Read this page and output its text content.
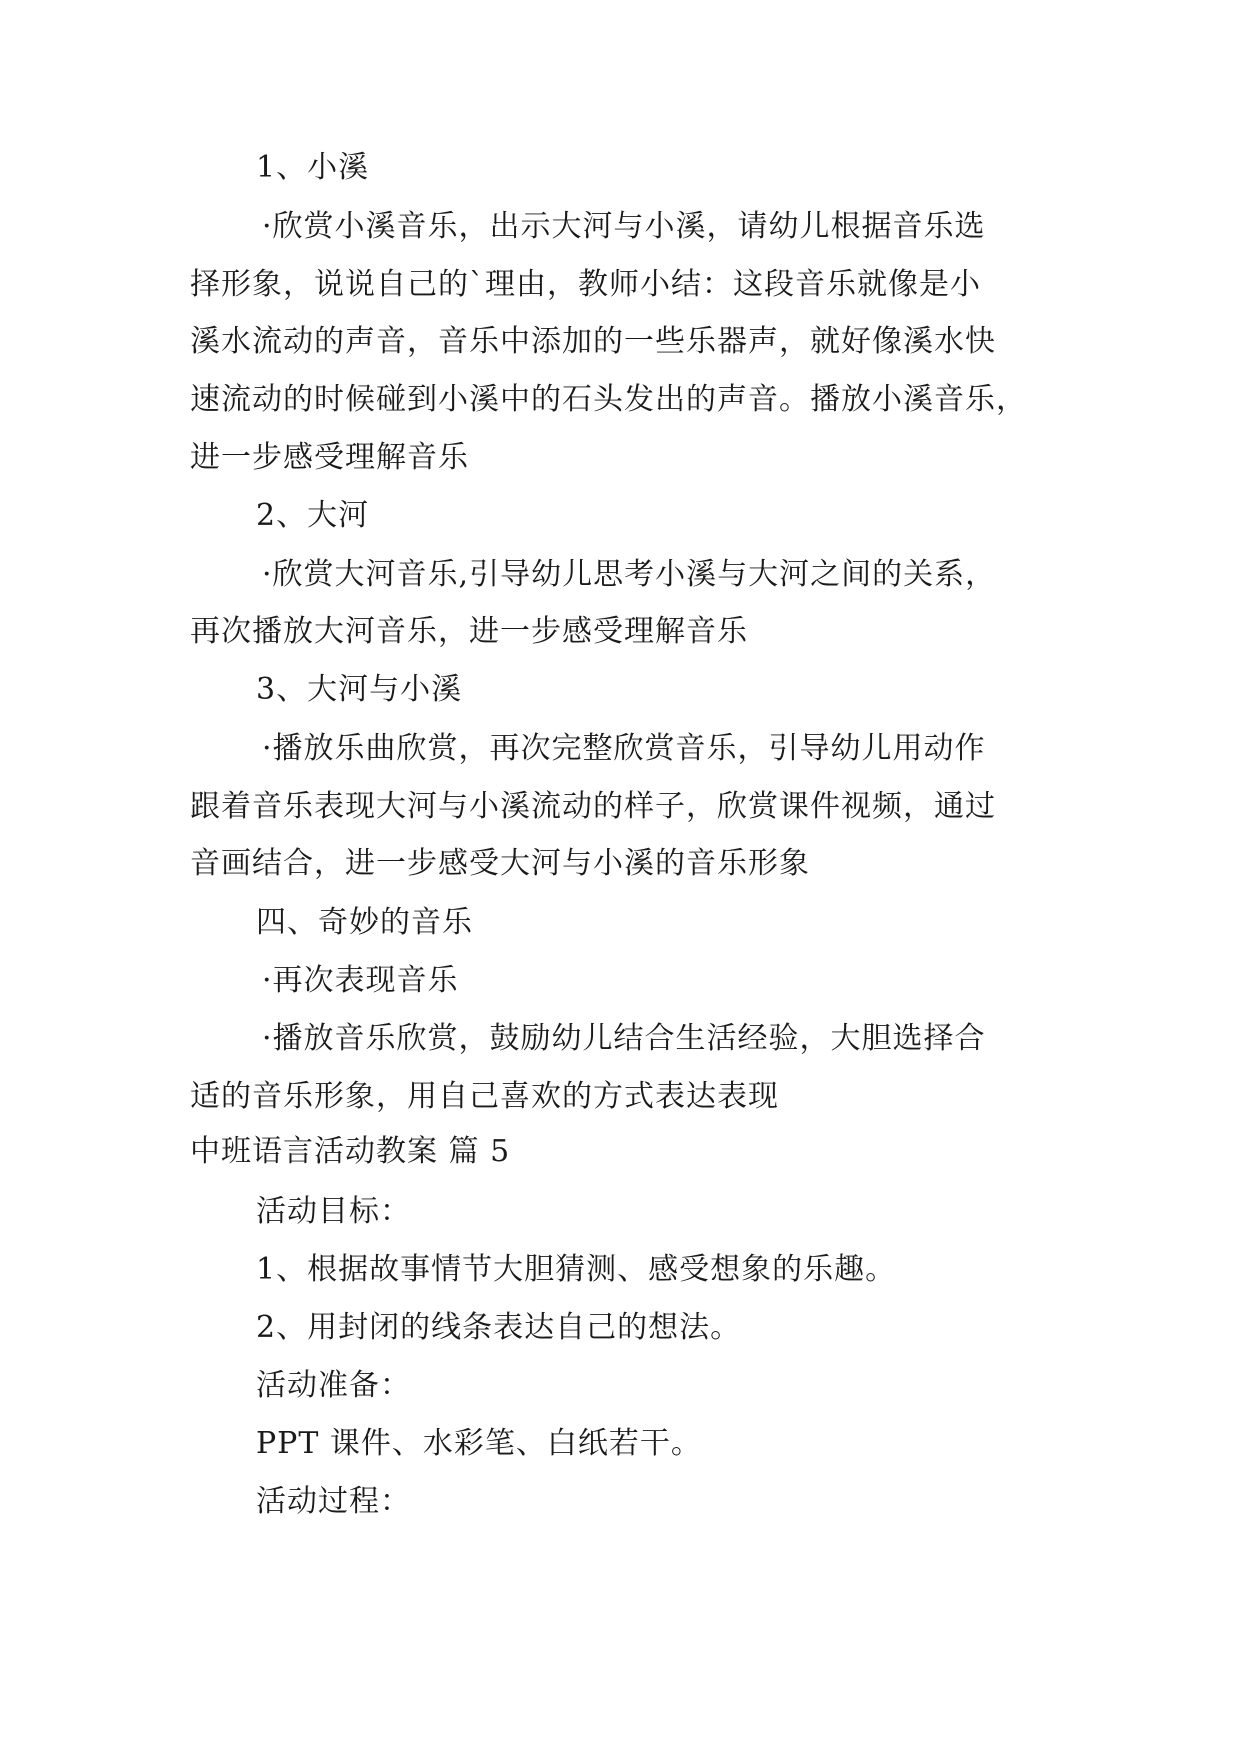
1、小溪
·欣赏小溪音乐，出示大河与小溪，请幼儿根据音乐选
择形象，说说自己的`理由，教师小结：这段音乐就像是小
溪水流动的声音，音乐中添加的一些乐器声，就好像溪水快
速流动的时候碰到小溪中的石头发出的声音。播放小溪音乐，
进一步感受理解音乐
2、大河
·欣赏大河音乐,引导幼儿思考小溪与大河之间的关系，
再次播放大河音乐，进一步感受理解音乐
3、大河与小溪
·播放乐曲欣赏，再次完整欣赏音乐，引导幼儿用动作
跟着音乐表现大河与小溪流动的样子，欣赏课件视频，通过
音画结合，进一步感受大河与小溪的音乐形象
四、奇妙的音乐
·再次表现音乐
·播放音乐欣赏，鼓励幼儿结合生活经验，大胆选择合
适的音乐形象，用自己喜欢的方式表达表现
中班语言活动教案 篇 5
活动目标：
1、根据故事情节大胆猜测、感受想象的乐趣。
2、用封闭的线条表达自己的想法。
活动准备：
PPT 课件、水彩笔、白纸若干。
活动过程：
